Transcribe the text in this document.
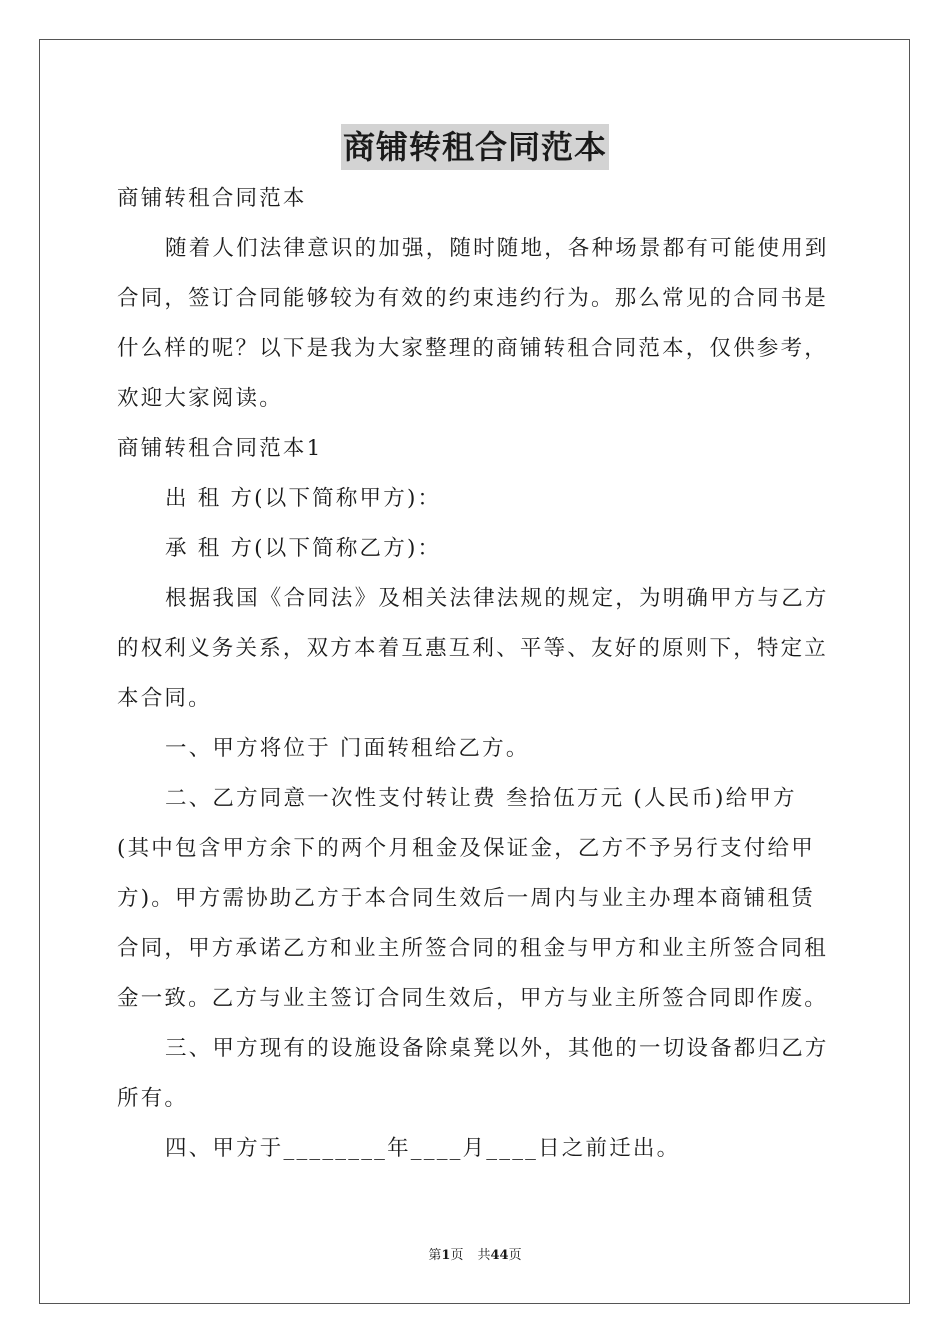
商铺转租合同范本
商铺转租合同范本
随着人们法律意识的加强，随时随地，各种场景都有可能使用到
合同，签订合同能够较为有效的约束违约行为。那么常见的合同书是
什么样的呢？以下是我为大家整理的商铺转租合同范本，仅供参考，
欢迎大家阅读。
商铺转租合同范本1
出 租 方(以下简称甲方)：
承 租 方(以下简称乙方)：
根据我国《合同法》及相关法律法规的规定，为明确甲方与乙方
的权利义务关系，双方本着互惠互利、平等、友好的原则下，特定立
本合同。
一、甲方将位于 门面转租给乙方。
二、乙方同意一次性支付转让费 叁拾伍万元 (人民币)给甲方
(其中包含甲方余下的两个月租金及保证金，乙方不予另行支付给甲
方)。甲方需协助乙方于本合同生效后一周内与业主办理本商铺租赁
合同，甲方承诺乙方和业主所签合同的租金与甲方和业主所签合同租
金一致。乙方与业主签订合同生效后，甲方与业主所签合同即作废。
三、甲方现有的设施设备除桌凳以外，其他的一切设备都归乙方
所有。
四、甲方于________年____月____日之前迁出。
第1页 共44页
